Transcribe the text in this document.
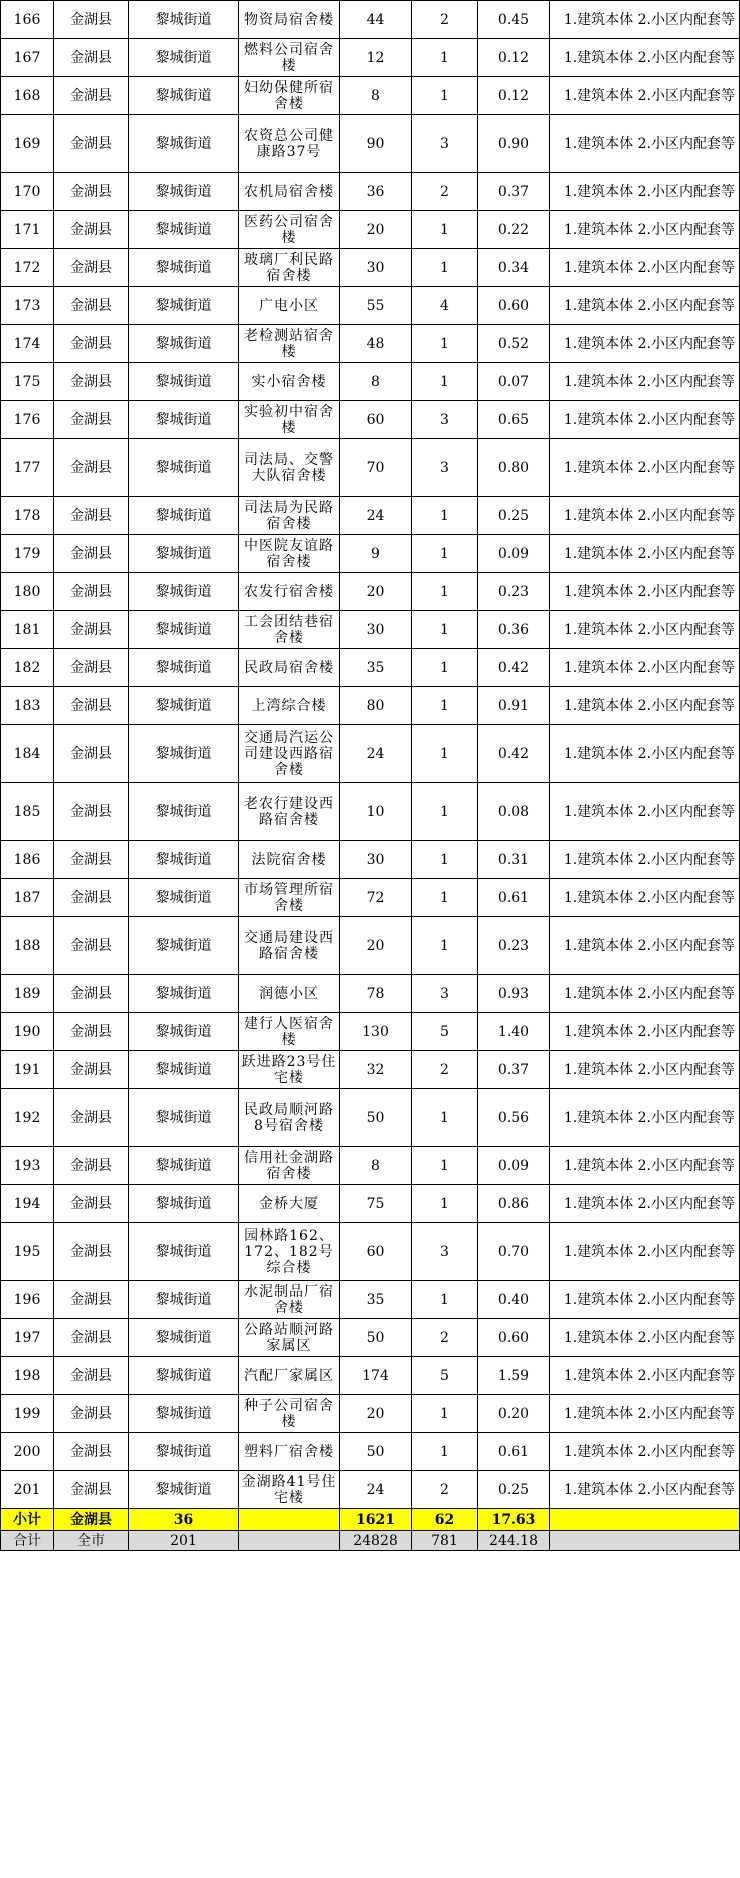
166	金湖县	黎城街道	物资局宿舍楼	44	2	0.45	1.建筑本体 2.小区内配套等
167	金湖县	黎城街道	燃料公司宿舍楼	12	1	0.12	1.建筑本体 2.小区内配套等
168	金湖县	黎城街道	妇幼保健所宿舍楼	8	1	0.12	1.建筑本体 2.小区内配套等
169	金湖县	黎城街道	农资总公司健康路37号	90	3	0.90	1.建筑本体 2.小区内配套等
170	金湖县	黎城街道	农机局宿舍楼	36	2	0.37	1.建筑本体 2.小区内配套等
171	金湖县	黎城街道	医药公司宿舍楼	20	1	0.22	1.建筑本体 2.小区内配套等
172	金湖县	黎城街道	玻璃厂利民路宿舍楼	30	1	0.34	1.建筑本体 2.小区内配套等
173	金湖县	黎城街道	广电小区	55	4	0.60	1.建筑本体 2.小区内配套等
174	金湖县	黎城街道	老检测站宿舍楼	48	1	0.52	1.建筑本体 2.小区内配套等
175	金湖县	黎城街道	实小宿舍楼	8	1	0.07	1.建筑本体 2.小区内配套等
176	金湖县	黎城街道	实验初中宿舍楼	60	3	0.65	1.建筑本体 2.小区内配套等
177	金湖县	黎城街道	司法局、交警大队宿舍楼	70	3	0.80	1.建筑本体 2.小区内配套等
178	金湖县	黎城街道	司法局为民路宿舍楼	24	1	0.25	1.建筑本体 2.小区内配套等
179	金湖县	黎城街道	中医院友谊路宿舍楼	9	1	0.09	1.建筑本体 2.小区内配套等
180	金湖县	黎城街道	农发行宿舍楼	20	1	0.23	1.建筑本体 2.小区内配套等
181	金湖县	黎城街道	工会团结巷宿舍楼	30	1	0.36	1.建筑本体 2.小区内配套等
182	金湖县	黎城街道	民政局宿舍楼	35	1	0.42	1.建筑本体 2.小区内配套等
183	金湖县	黎城街道	上湾综合楼	80	1	0.91	1.建筑本体 2.小区内配套等
184	金湖县	黎城街道	交通局汽运公司建设西路宿舍楼	24	1	0.42	1.建筑本体 2.小区内配套等
185	金湖县	黎城街道	老农行建设西路宿舍楼	10	1	0.08	1.建筑本体 2.小区内配套等
186	金湖县	黎城街道	法院宿舍楼	30	1	0.31	1.建筑本体 2.小区内配套等
187	金湖县	黎城街道	市场管理所宿舍楼	72	1	0.61	1.建筑本体 2.小区内配套等
188	金湖县	黎城街道	交通局建设西路宿舍楼	20	1	0.23	1.建筑本体 2.小区内配套等
189	金湖县	黎城街道	润德小区	78	3	0.93	1.建筑本体 2.小区内配套等
190	金湖县	黎城街道	建行人医宿舍楼	130	5	1.40	1.建筑本体 2.小区内配套等
191	金湖县	黎城街道	跃进路23号住宅楼	32	2	0.37	1.建筑本体 2.小区内配套等
192	金湖县	黎城街道	民政局顺河路8号宿舍楼	50	1	0.56	1.建筑本体 2.小区内配套等
193	金湖县	黎城街道	信用社金湖路宿舍楼	8	1	0.09	1.建筑本体 2.小区内配套等
194	金湖县	黎城街道	金桥大厦	75	1	0.86	1.建筑本体 2.小区内配套等
195	金湖县	黎城街道	园林路162、172、182号综合楼	60	3	0.70	1.建筑本体 2.小区内配套等
196	金湖县	黎城街道	水泥制品厂宿舍楼	35	1	0.40	1.建筑本体 2.小区内配套等
197	金湖县	黎城街道	公路站顺河路家属区	50	2	0.60	1.建筑本体 2.小区内配套等
198	金湖县	黎城街道	汽配厂家属区	174	5	1.59	1.建筑本体 2.小区内配套等
199	金湖县	黎城街道	种子公司宿舍楼	20	1	0.20	1.建筑本体 2.小区内配套等
200	金湖县	黎城街道	塑料厂宿舍楼	50	1	0.61	1.建筑本体 2.小区内配套等
201	金湖县	黎城街道	金湖路41号住宅楼	24	2	0.25	1.建筑本体 2.小区内配套等
小计	金湖县	36		1621	62	17.63	
合计	全市	201		24828	781	244.18	
